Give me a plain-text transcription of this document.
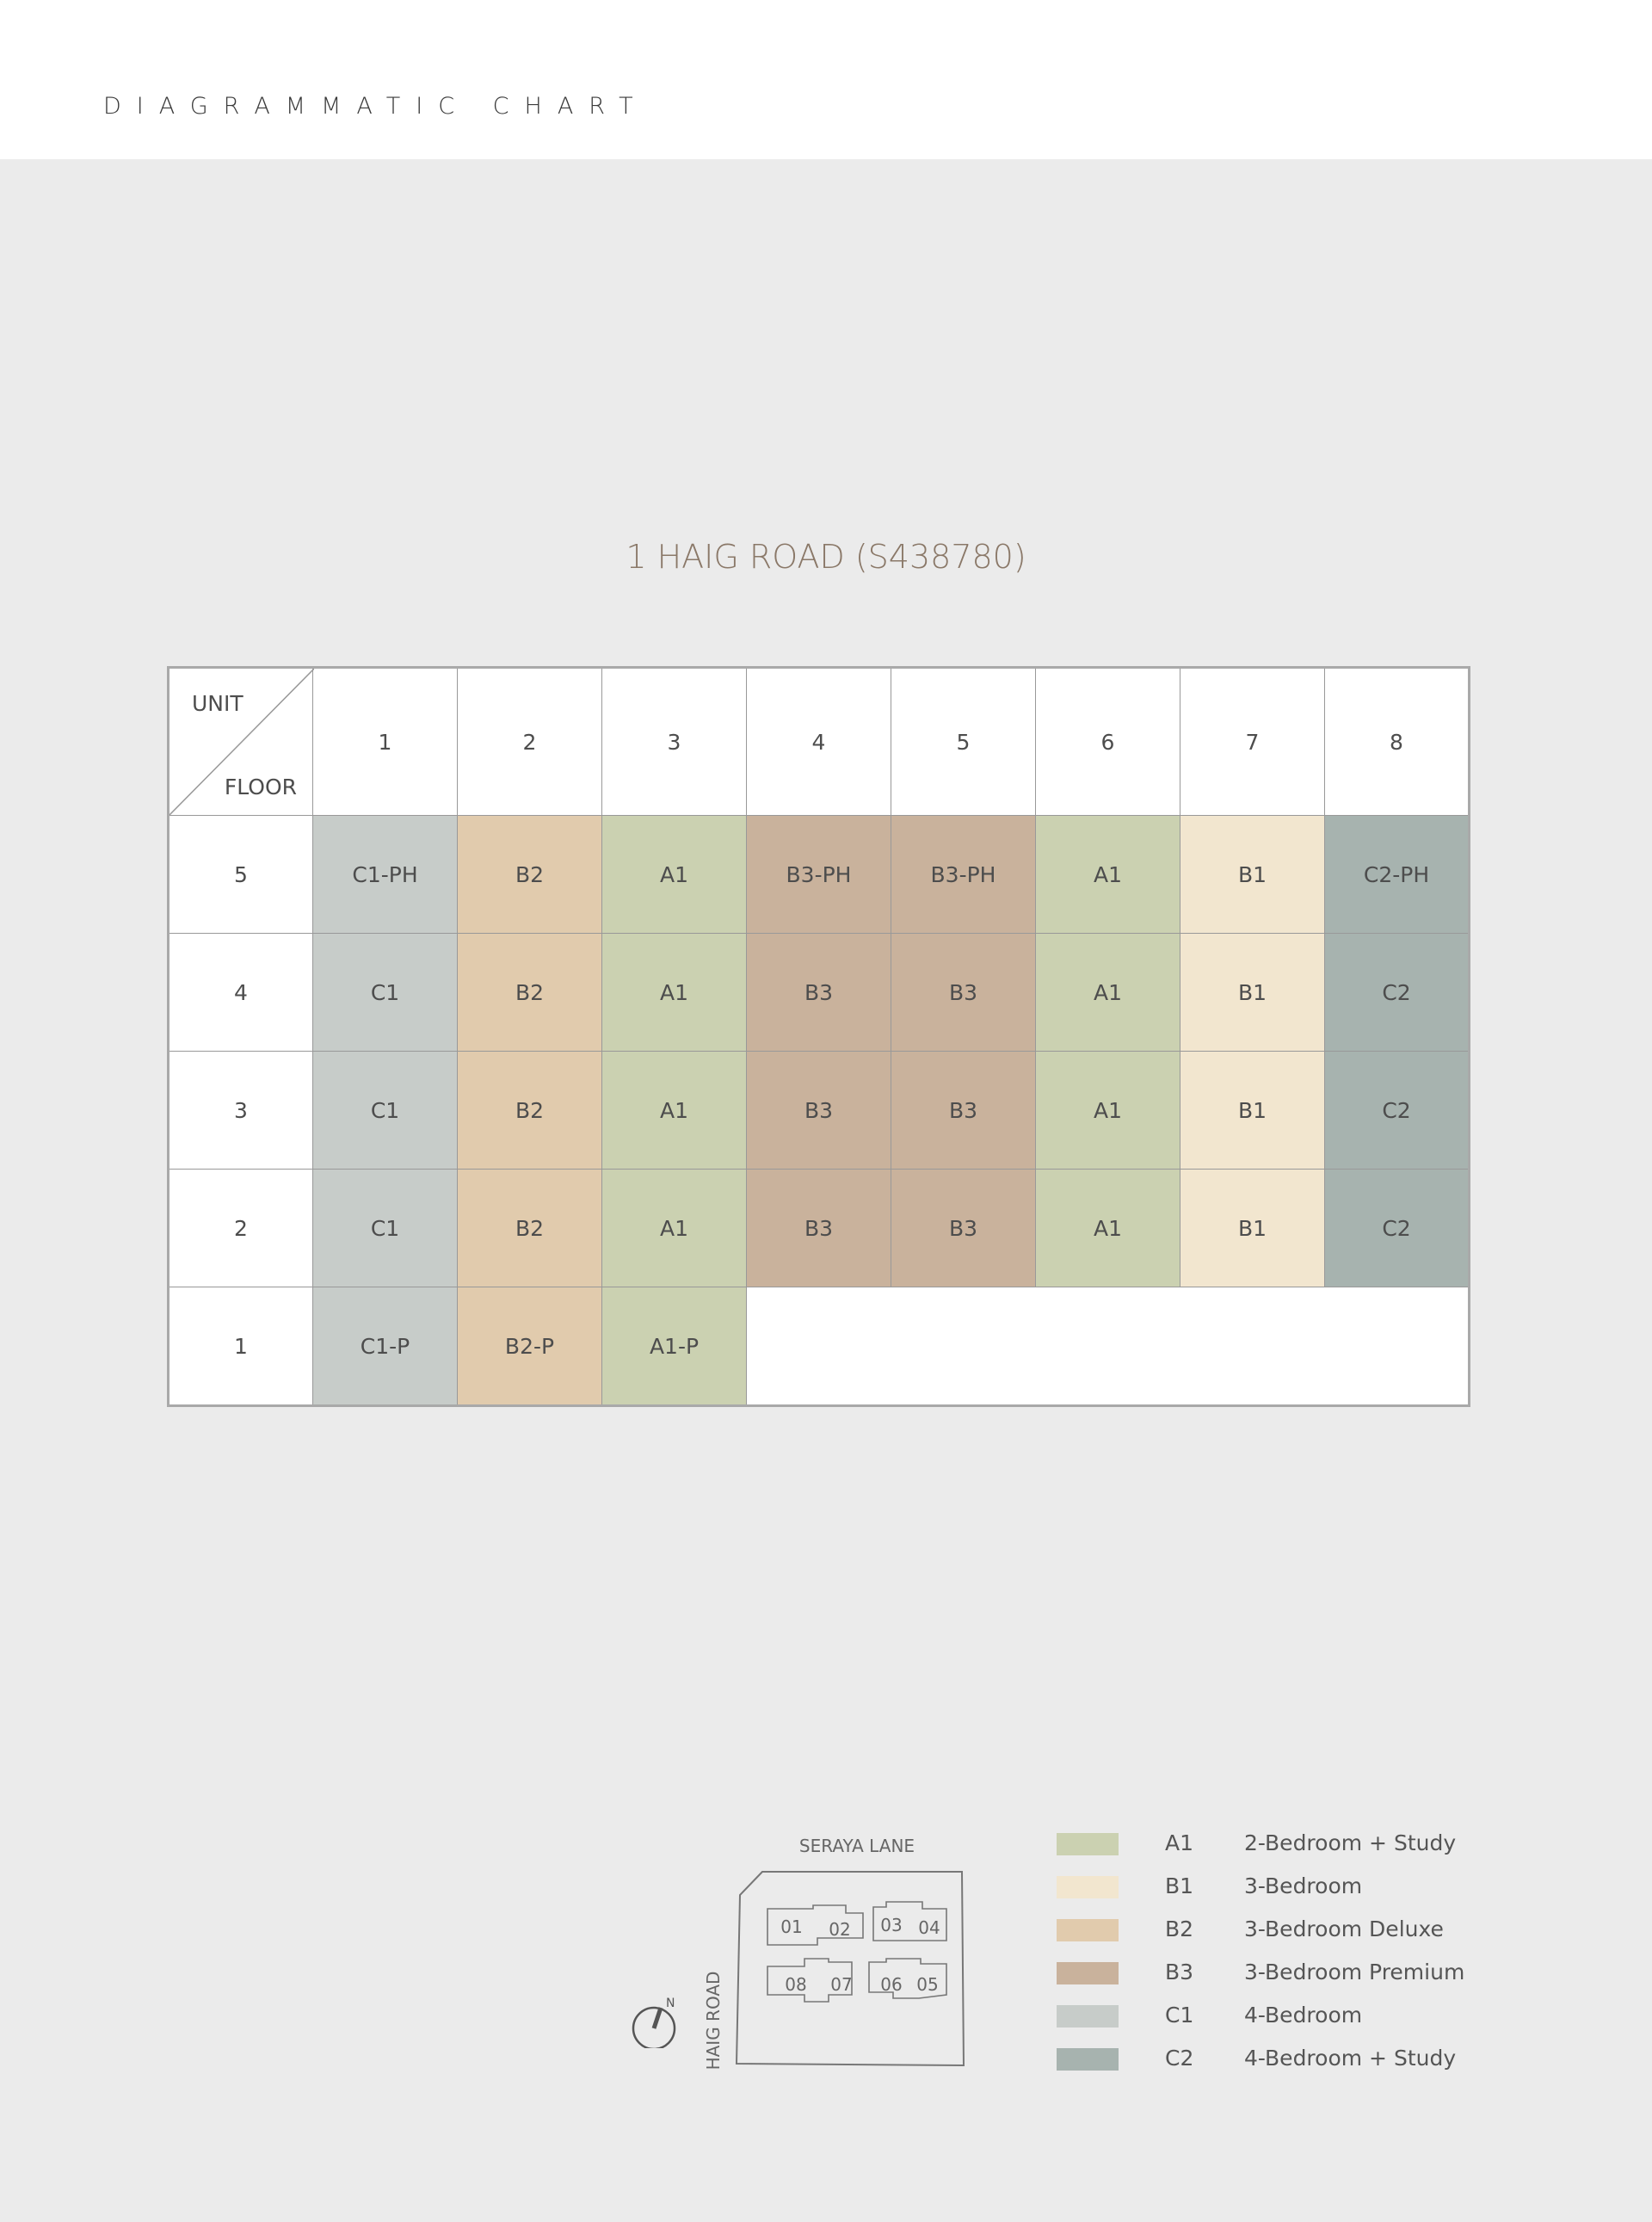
DIAGRAMMATIC CHART
1 HAIG ROAD (S438780)
UNIT
FLOOR	1	2	3	4	5	6	7	8
5	C1-PH	B2	A1	B3-PH	B3-PH	A1	B1	C2-PH
4	C1	B2	A1	B3	B3	A1	B1	C2
3	C1	B2	A1	B3	B3	A1	B1	C2
2	C1	B2	A1	B3	B3	A1	B1	C2
1	C1-P	B2-P	A1-P					
SERAYA LANE
HAIG ROAD
01 02 03 04
08 07 06 05
N
A1 2-Bedroom + Study
B1 3-Bedroom
B2 3-Bedroom Deluxe
B3 3-Bedroom Premium
C1 4-Bedroom
C2 4-Bedroom + Study
